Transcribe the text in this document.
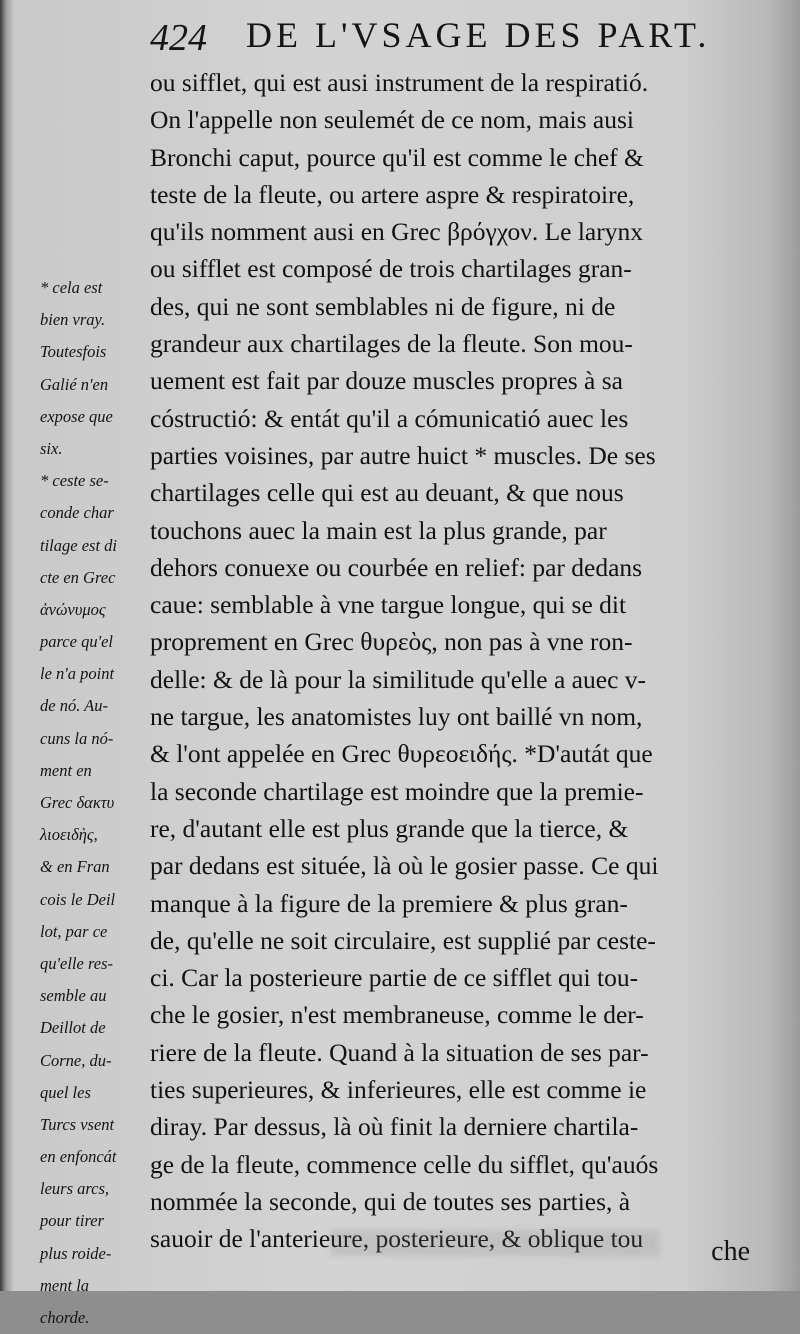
424 DE L'VSAGE DES PART.
* cela est
bien vray.
Toutesfois
Galié n'en
expose que
six.
* ceste se-
conde char
tilage est di
cte en Grec
ἀνώνυμος
parce qu'el
le n'a point
de nó. Au-
cuns la nó-
ment en
Grec δακτυ
λιοειδὴς,
& en Fran
cois le Deil
lot, par ce
qu'elle res-
semble au
Deillot de
Corne, du-
quel les
Turcs vsent
en enfoncát
leurs arcs,
pour tirer
plus roide-
ment la
chorde.
ou sifflet, qui est ausi instrument de la respiratió.
On l'appelle non seulemét de ce nom, mais ausi
Bronchi caput, pource qu'il est comme le chef &
teste de la fleute, ou artere aspre & respiratoire,
qu'ils nomment ausi en Grec βρόγχον. Le larynx
ou sifflet est composé de trois chartilages gran-
des, qui ne sont semblables ni de figure, ni de
grandeur aux chartilages de la fleute. Son mou-
uement est fait par douze muscles propres à sa
cóstructió: & entát qu'il a cómunicatió auec les
parties voisines, par autre huict * muscles. De ses
chartilages celle qui est au deuant, & que nous
touchons auec la main est la plus grande, par
dehors conuexe ou courbée en relief: par dedans
caue: semblable à vne targue longue, qui se dit
proprement en Grec θυρεὸς, non pas à vne ron-
delle: & de là pour la similitude qu'elle a auec v-
ne targue, les anatomistes luy ont baillé vn nom,
& l'ont appelée en Grec θυρεοειδής. *D'autát que
la seconde chartilage est moindre que la premie-
re, d'autant elle est plus grande que la tierce, &
par dedans est située, là où le gosier passe. Ce qui
manque à la figure de la premiere & plus gran-
de, qu'elle ne soit circulaire, est supplié par ceste-
ci. Car la posterieure partie de ce sifflet qui tou-
che le gosier, n'est membraneuse, comme le der-
riere de la fleute. Quand à la situation de ses par-
ties superieures, & inferieures, elle est comme ie
diray. Par dessus, là où finit la derniere chartila-
ge de la fleute, commence celle du sifflet, qu'auós
nommée la seconde, qui de toutes ses parties, à
sauoir de l'anterieure, posterieure, & oblique tou	che
